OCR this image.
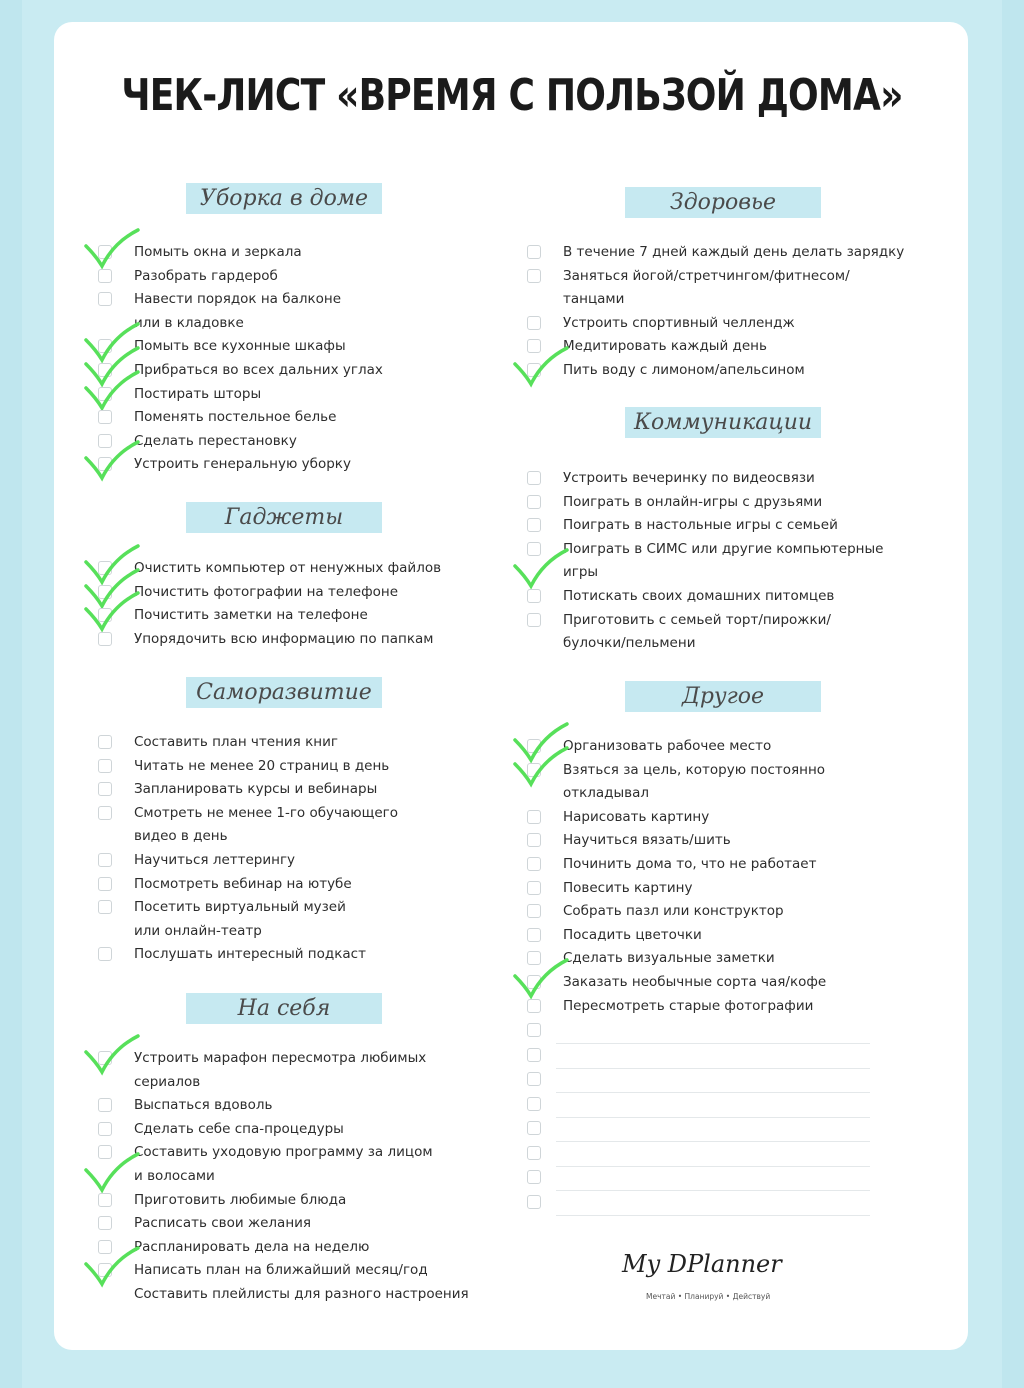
ЧЕК-ЛИСТ «ВРЕМЯ С ПОЛЬЗОЙ ДОМА»
Уборка в доме
Помыть окна и зеркала
Разобрать гардероб
Навести порядок на балконе
или в кладовке
Помыть все кухонные шкафы
Прибраться во всех дальних углах
Постирать шторы
Поменять постельное белье
Сделать перестановку
Устроить генеральную уборку
Гаджеты
Очистить компьютер от ненужных файлов
Почистить фотографии на телефоне
Почистить заметки на телефоне
Упорядочить всю информацию по папкам
Саморазвитие
Составить план чтения книг
Читать не менее 20 страниц в день
Запланировать курсы и вебинары
Смотреть не менее 1-го обучающего
видео в день
Научиться леттерингу
Посмотреть вебинар на ютубе
Посетить виртуальный музей
или онлайн-театр
Послушать интересный подкаст
На себя
Устроить марафон пересмотра любимых
сериалов
Выспаться вдоволь
Сделать себе спа-процедуры
Составить уходовую программу за лицом
и волосами
Приготовить любимые блюда
Расписать свои желания
Распланировать дела на неделю
Написать план на ближайший месяц/год
Составить плейлисты для разного настроения
Здоровье
В течение 7 дней каждый день делать зарядку
Заняться йогой/стретчингом/фитнесом/
танцами
Устроить спортивный челлендж
Медитировать каждый день
Пить воду с лимоном/апельсином
Коммуникации
Устроить вечеринку по видеосвязи
Поиграть в онлайн-игры с друзьями
Поиграть в настольные игры с семьей
Поиграть в СИМС или другие компьютерные
игры
Потискать своих домашних питомцев
Приготовить с семьей торт/пирожки/
булочки/пельмени
Другое
Организовать рабочее место
Взяться за цель, которую постоянно
откладывал
Нарисовать картину
Научиться вязать/шить
Починить дома то, что не работает
Повесить картину
Собрать пазл или конструктор
Посадить цветочки
Сделать визуальные заметки
Заказать необычные сорта чая/кофе
Пересмотреть старые фотографии
My DPlanner
Мечтай • Планируй • Действуй
